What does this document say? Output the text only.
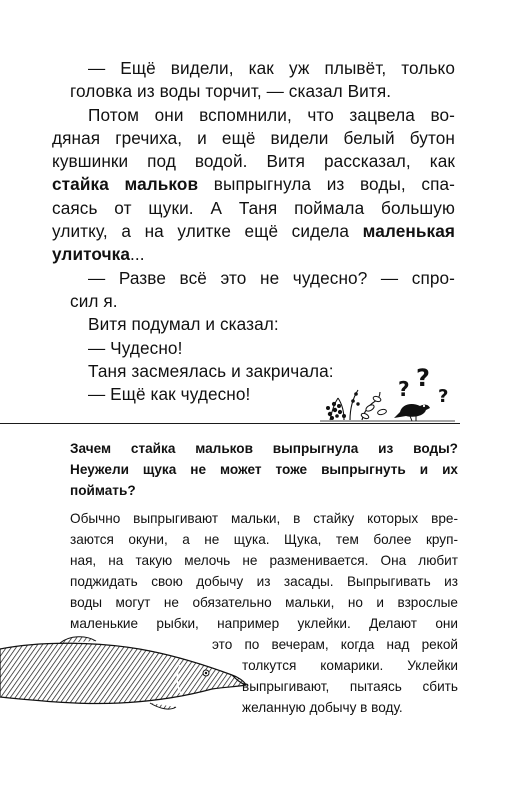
— Ещё видели, как уж плывёт, только

головка из воды торчит, — сказал Витя.

Потом они вспомнили, что зацвела во-
дяная гречиха, и ещё видели белый бутон
кувшинки под водой. Витя рассказал, как
стайка мальков выпрыгнула из воды, спа-
саясь от щуки. А Таня поймала большую
улитку, а на улитке ещё сидела маленькая
улиточка...

— Разве всё это не чудесно? — спро-
сил я.

Витя подумал и сказал:

— Чудесно!

Таня засмеялась и закричала:

— Ещё как чудесно!	? ?
?
Зачем стайка мальков выпрыгнула из воды?
Неужели щука не может тоже выпрыгнуть и их
поймать?
Обычно выпрыгивают мальки, в стайку которых вре-
заются окуни, а не щука. Щука, тем более круп-
ная, на такую мелочь не разменивается. Она любит
поджидать свою добычу из засады. Выпрыгивать из
воды могут не обязательно мальки, но и взрослые
маленькие рыбки, например уклейки. Делают они
это по вечерам, когда над рекой
толкутся комарики. Уклейки
выпрыгивают, пытаясь сбить
желанную добычу в воду.
